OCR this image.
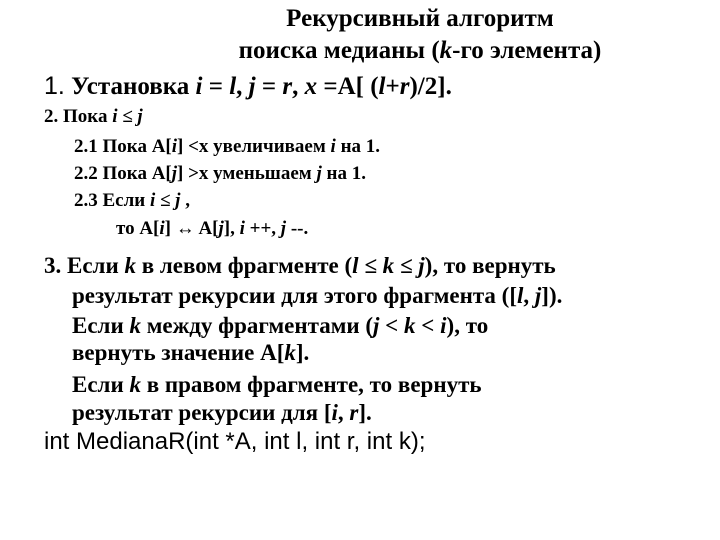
Рекурсивный алгоритм
поиска медианы (k-го элемента)
1. Установка i = l, j = r, x =A[ (l+r)/2].
2. Пока i ≤ j
2.1 Пока A[i] <x увеличиваем i на 1.
2.2 Пока A[j] >x уменьшаем j на 1.
2.3 Если i ≤ j ,
то A[i] ↔ A[j], i ++, j --.
3. Если k в левом фрагменте (l ≤ k ≤ j), то вернуть
результат рекурсии для этого фрагмента ([l, j]).
Если k между фрагментами (j < k < i), то
вернуть значение A[k].
Если k в правом фрагменте, то вернуть
результат рекурсии для [i, r].
int MedianaR(int *A, int l, int r, int k);
